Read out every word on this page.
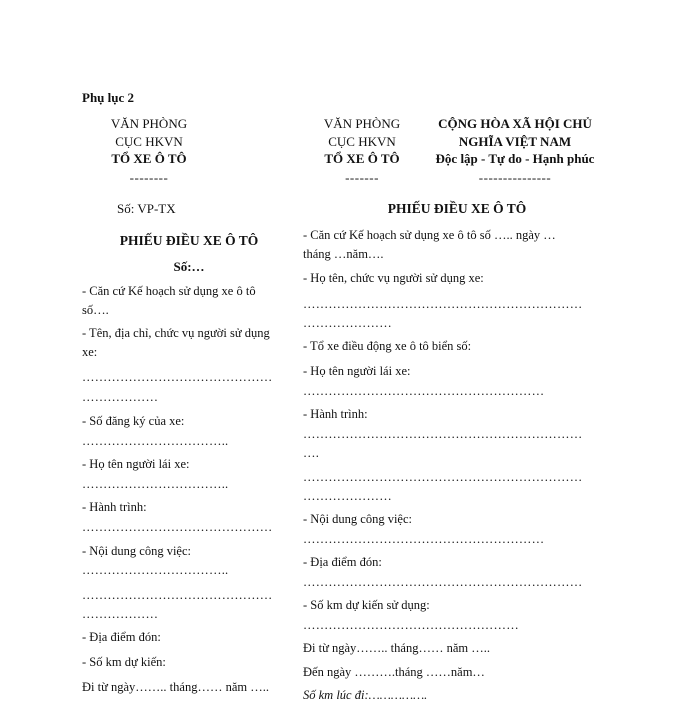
Phụ lục 2
VĂN PHÒNG
CỤC HKVN
TỔ XE Ô TÔ
--------
Số: VP-TX
PHIẾU ĐIỀU XE Ô TÔ
Số:…
- Căn cứ Kế hoạch sử dụng xe ô tô
số….
- Tên, địa chỉ, chức vụ người sử dụng
xe:
………………………………………
………………
- Số đăng ký của xe:
……………………………..
- Họ tên người lái xe:
……………………………..
- Hành trình:
………………………………………
- Nội dung công việc:
……………………………..
………………………………………
………………
- Địa điểm đón:
- Số km dự kiến:
Đi từ ngày…….. tháng…… năm …..
VĂN PHÒNG
CỤC HKVN
TỔ XE Ô TÔ
-------
CỘNG HÒA XÃ HỘI CHỦ
NGHĨA VIỆT NAM
Độc lập - Tự do - Hạnh phúc
---------------
PHIẾU ĐIỀU XE Ô TÔ
- Căn cứ Kế hoạch sử dụng xe ô tô số ….. ngày …
tháng …năm….
- Họ tên, chức vụ người sử dụng xe:
…………………………………………………………
…………………
- Tổ xe điều động xe ô tô biển số:
- Họ tên người lái xe:
…………………………………………………
- Hành trình:
…………………………………………………………
….
…………………………………………………………
…………………
- Nội dung công việc:
…………………………………………………
- Địa điểm đón:
…………………………………………………………
- Số km dự kiến sử dụng:
……………………………………………
Đi từ ngày…….. tháng…… năm …..
Đến ngày ……….tháng ……năm…
Số km lúc đi:…………….
